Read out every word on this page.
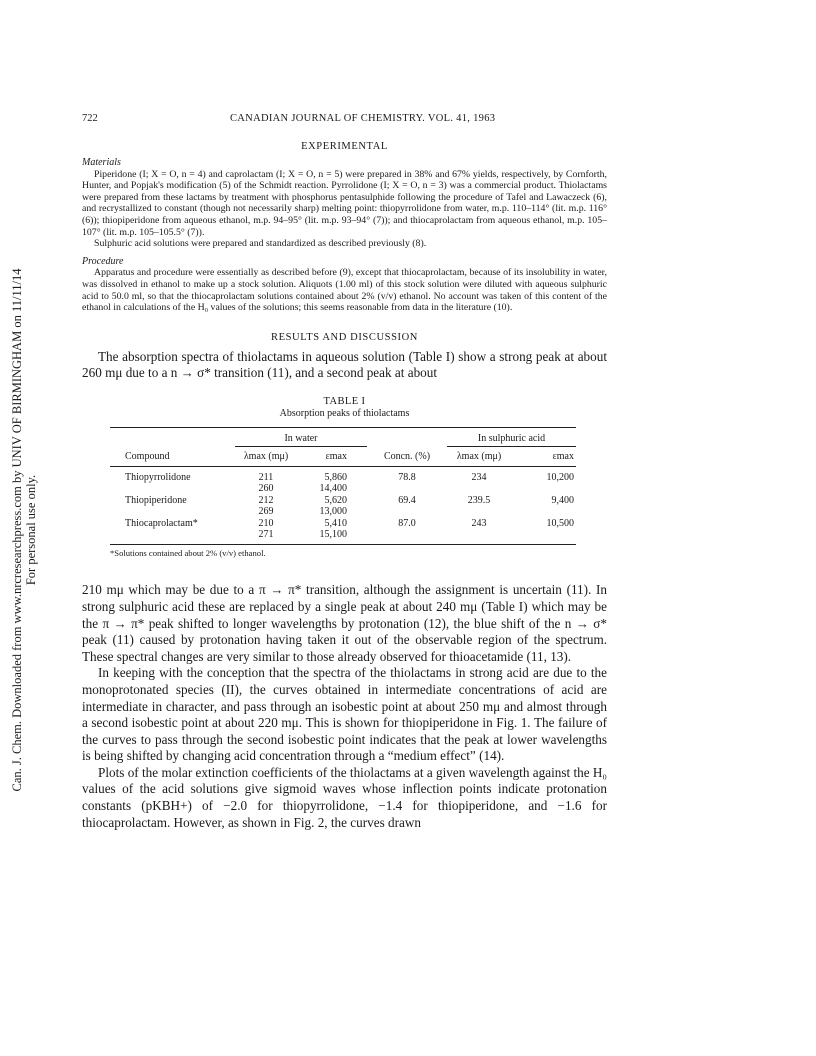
Can. J. Chem. Downloaded from www.nrcresearchpress.com by UNIV OF BIRMINGHAM on 11/11/14 For personal use only.
722	CANADIAN JOURNAL OF CHEMISTRY. VOL. 41, 1963
EXPERIMENTAL

Materials

Piperidone (I; X = O, n = 4) and caprolactam (I; X = O, n = 5) were prepared in 38% and 67% yields, respectively, by Cornforth, Hunter, and Popjak's modification (5) of the Schmidt reaction. Pyrrolidone (I; X = O, n = 3) was a commercial product. Thiolactams were prepared from these lactams by treatment with phosphorus pentasulphide following the procedure of Tafel and Lawaczeck (6), and recrystallized to constant (though not necessarily sharp) melting point: thiopyrrolidone from water, m.p. 110–114° (lit. m.p. 116° (6)); thiopiperidone from aqueous ethanol, m.p. 94–95° (lit. m.p. 93–94° (7)); and thiocaprolactam from aqueous ethanol, m.p. 105–107° (lit. m.p. 105–105.5° (7)).

Sulphuric acid solutions were prepared and standardized as described previously (8).

Procedure

Apparatus and procedure were essentially as described before (9), except that thiocaprolactam, because of its insolubility in water, was dissolved in ethanol to make up a stock solution. Aliquots (1.00 ml) of this stock solution were diluted with aqueous sulphuric acid to 50.0 ml, so that the thiocaprolactam solutions contained about 2% (v/v) ethanol. No account was taken of this content of the ethanol in calculations of the H₀ values of the solutions; this seems reasonable from data in the literature (10).

RESULTS AND DISCUSSION

The absorption spectra of thiolactams in aqueous solution (Table I) show a strong peak at about 260 mμ due to a n → σ* transition (11), and a second peak at about

TABLE I
Absorption peaks of thiolactams

	In water			In sulphuric acid	
Compound	λmax (mμ)	εmax	Concn. (%)	λmax (mμ)	εmax
Thiopyrrolidone	211	5,860	78.8	234	10,200
	260	14,400			
Thiopiperidone	212	5,620	69.4	239.5	9,400
	269	13,000			
Thiocaprolactam*	210	5,410	87.0	243	10,500
	271	15,100			
*Solutions contained about 2% (v/v) ethanol.

210 mμ which may be due to a π → π* transition, although the assignment is uncertain (11). In strong sulphuric acid these are replaced by a single peak at about 240 mμ (Table I) which may be the π → π* peak shifted to longer wavelengths by protonation (12), the blue shift of the n → σ* peak (11) caused by protonation having taken it out of the observable region of the spectrum. These spectral changes are very similar to those already observed for thioacetamide (11, 13).

In keeping with the conception that the spectra of the thiolactams in strong acid are due to the monoprotonated species (II), the curves obtained in intermediate concentrations of acid are intermediate in character, and pass through an isobestic point at about 250 mμ and almost through a second isobestic point at about 220 mμ. This is shown for thiopiperidone in Fig. 1. The failure of the curves to pass through the second isobestic point indicates that the peak at lower wavelengths is being shifted by changing acid concentration through a “medium effect” (14).

Plots of the molar extinction coefficients of the thiolactams at a given wavelength against the H₀ values of the acid solutions give sigmoid waves whose inflection points indicate protonation constants (pKBH+) of −2.0 for thiopyrrolidone, −1.4 for thiopiperidone, and −1.6 for thiocaprolactam. However, as shown in Fig. 2, the curves drawn
